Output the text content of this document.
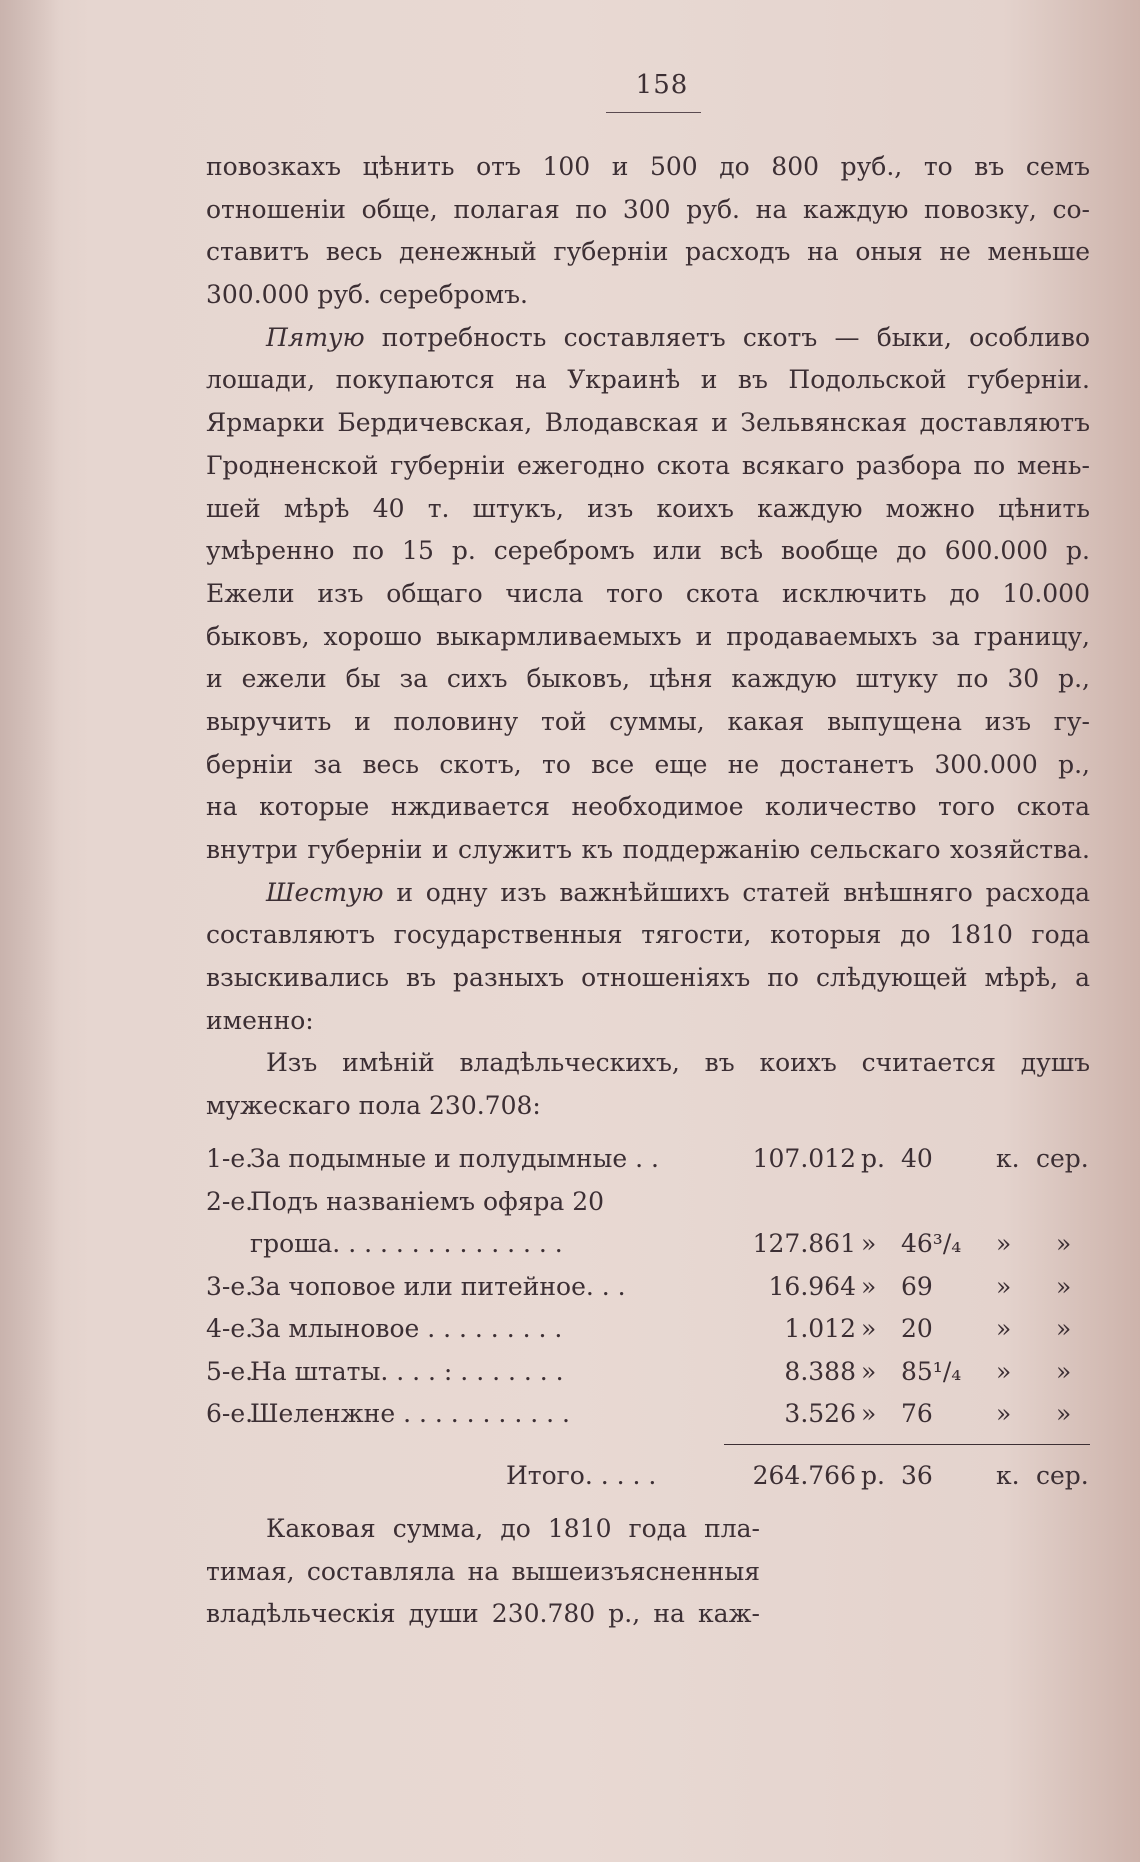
158
повозкахъ цѣнить отъ 100 и 500 до 800 руб., то въ семъ
отношенiи обще, полагая по 300 руб. на каждую повозку, со-
ставитъ весь денежный губернiи расходъ на оныя не меньше
300.000 руб. серебромъ.
Пятую потребность составляетъ скотъ — быки, особливо
лошади, покупаются на Украинѣ и въ Подольской губернiи.
Ярмарки Бердичевская, Влодавская и Зельвянская доставляютъ
Гродненской губернiи ежегодно скота всякаго разбора по мень-
шей мѣрѣ 40 т. штукъ, изъ коихъ каждую можно цѣнить
умѣренно по 15 р. серебромъ или всѣ вообще до 600.000 р.
Ежели изъ общаго числа того скота исключить до 10.000
быковъ, хорошо выкармливаемыхъ и продаваемыхъ за границу,
и ежели бы за сихъ быковъ, цѣня каждую штуку по 30 р.,
выручить и половину той суммы, какая выпущена изъ гу-
бернiи за весь скотъ, то все еще не достанетъ 300.000 р.,
на которые нждивается необходимое количество того скота
внутри губернiи и служитъ къ поддержанiю сельскаго хозяйства.
Шестую и одну изъ важнѣйшихъ статей внѣшняго расхода
составляютъ государственныя тягости, которыя до 1810 года
взыскивались въ разныхъ отношенiяхъ по слѣдующей мѣрѣ, а
именно:
Изъ имѣнiй владѣльческихъ, въ коихъ считается душъ
мужескаго пола 230.708:
1-е.
За подымные и полудымные . .	107.012 р. 40	к. сер.
2-е.
Подъ названiемъ офяра 20
гроша. . . . . . . . . . . . . . .	127.861 » 46³/₄ » »
3-е.
За чоповое или питейное. . .	16.964 » 69	» »
4-е.
За млыновое . . . . . . . . .	1.012 » 20	» »
5-е.
На штаты. . . . : . . . . . . .	8.388 » 85¹/₄ » »
6-е.
Шеленжне . . . . . . . . . . .	3.526 » 76	» »
Итого. . . . .	264.766 р. 36	к. сер.
Каковая сумма, до 1810 года пла-
тимая, составляла на вышеизъясненныя
владѣльческiя души 230.780 р., на каж-
